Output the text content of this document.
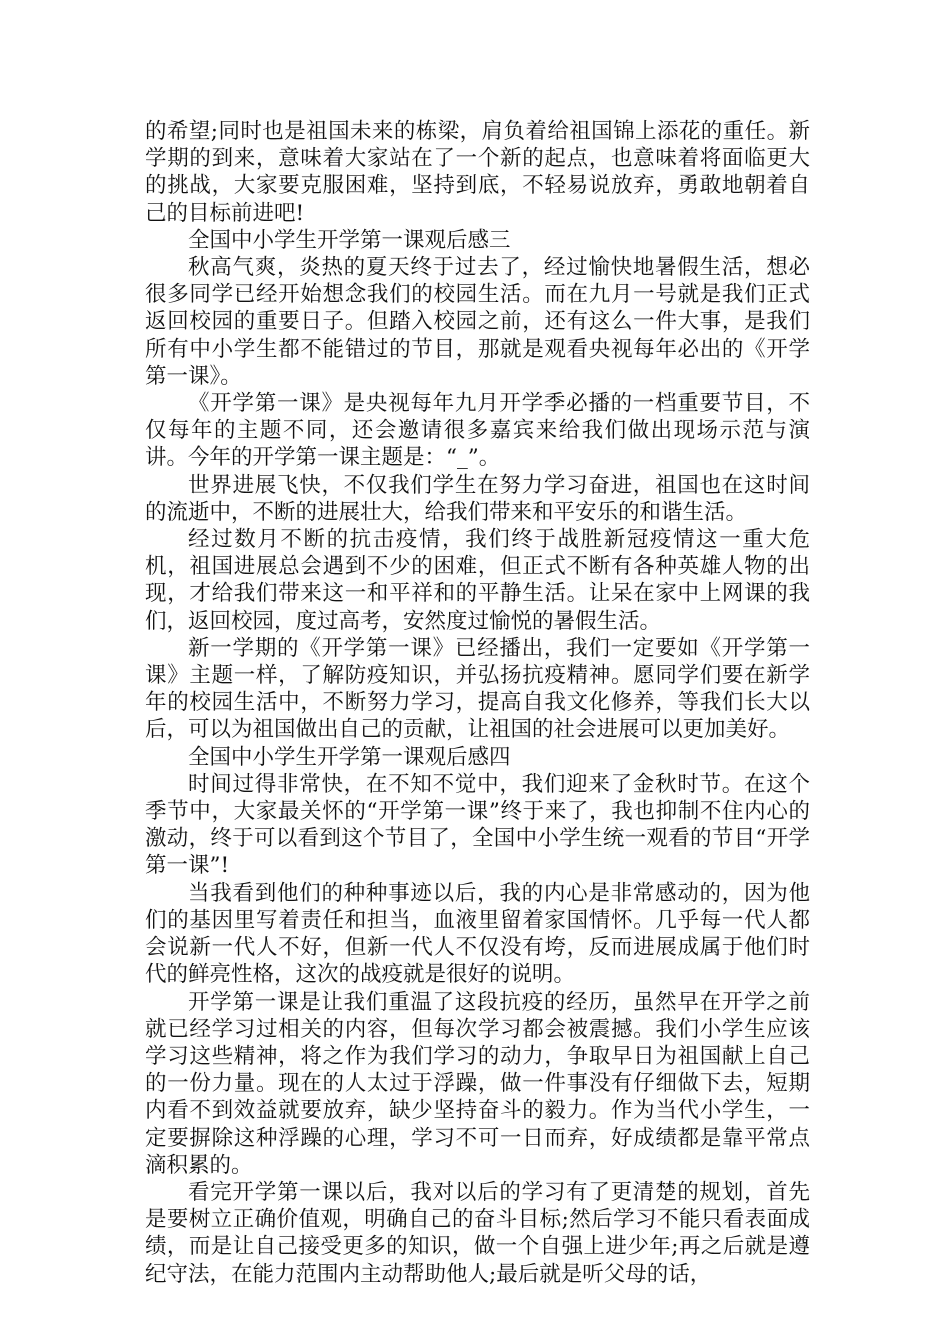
的希望;同时也是祖国未来的栋梁，肩负着给祖国锦上添花的重任。新学期的到来，意味着大家站在了一个新的起点，也意味着将面临更大的挑战，大家要克服困难，坚持到底，不轻易说放弃，勇敢地朝着自己的目标前进吧!

全国中小学生开学第一课观后感三

秋高气爽，炎热的夏天终于过去了，经过愉快地暑假生活，想必很多同学已经开始想念我们的校园生活。而在九月一号就是我们正式返回校园的重要日子。但踏入校园之前，还有这么一件大事，是我们所有中小学生都不能错过的节目，那就是观看央视每年必出的《开学第一课》。

《开学第一课》是央视每年九月开学季必播的一档重要节目，不仅每年的主题不同，还会邀请很多嘉宾来给我们做出现场示范与演讲。今年的开学第一课主题是：“_”。

世界进展飞快，不仅我们学生在努力学习奋进，祖国也在这时间的流逝中，不断的进展壮大，给我们带来和平安乐的和谐生活。

经过数月不断的抗击疫情，我们终于战胜新冠疫情这一重大危机，祖国进展总会遇到不少的困难，但正式不断有各种英雄人物的出现，才给我们带来这一和平祥和的平静生活。让呆在家中上网课的我们，返回校园，度过高考，安然度过愉悦的暑假生活。

新一学期的《开学第一课》已经播出，我们一定要如《开学第一课》主题一样，了解防疫知识，并弘扬抗疫精神。愿同学们要在新学年的校园生活中，不断努力学习，提高自我文化修养，等我们长大以后，可以为祖国做出自己的贡献，让祖国的社会进展可以更加美好。

全国中小学生开学第一课观后感四

时间过得非常快，在不知不觉中，我们迎来了金秋时节。在这个季节中，大家最关怀的“开学第一课”终于来了，我也抑制不住内心的激动，终于可以看到这个节目了，全国中小学生统一观看的节目“开学第一课”!

当我看到他们的种种事迹以后，我的内心是非常感动的，因为他们的基因里写着责任和担当，血液里留着家国情怀。几乎每一代人都会说新一代人不好，但新一代人不仅没有垮，反而进展成属于他们时代的鲜亮性格，这次的战疫就是很好的说明。

开学第一课是让我们重温了这段抗疫的经历，虽然早在开学之前就已经学习过相关的内容，但每次学习都会被震撼。我们小学生应该学习这些精神，将之作为我们学习的动力，争取早日为祖国献上自己的一份力量。现在的人太过于浮躁，做一件事没有仔细做下去，短期内看不到效益就要放弃，缺少坚持奋斗的毅力。作为当代小学生，一定要摒除这种浮躁的心理，学习不可一日而弃，好成绩都是靠平常点滴积累的。

看完开学第一课以后，我对以后的学习有了更清楚的规划，首先是要树立正确价值观，明确自己的奋斗目标;然后学习不能只看表面成绩，而是让自己接受更多的知识，做一个自强上进少年;再之后就是遵纪守法，在能力范围内主动帮助他人;最后就是听父母的话，
